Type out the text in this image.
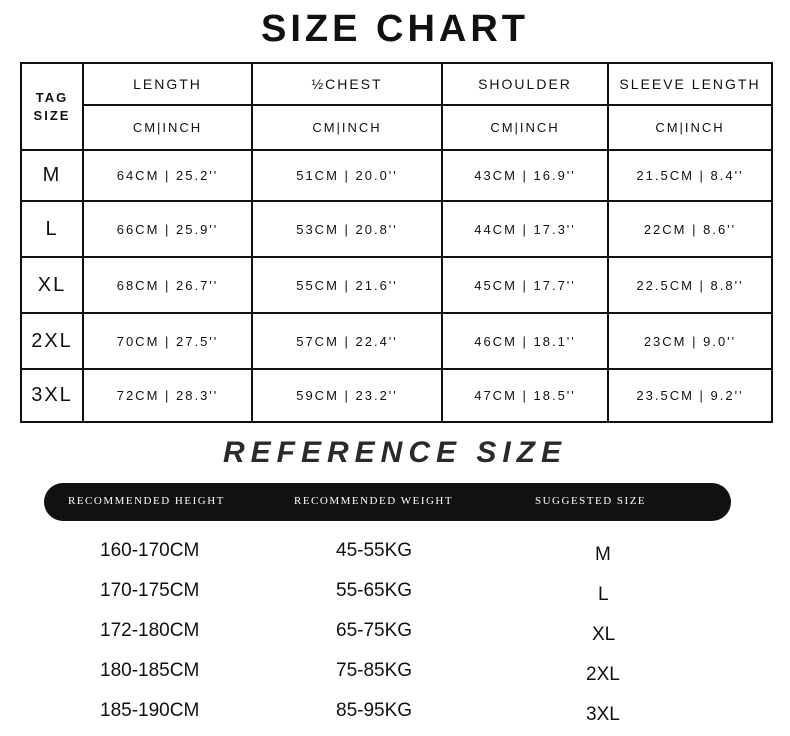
SIZE CHART
TAG SIZE	LENGTH	½CHEST	SHOULDER	SLEEVE LENGTH
	CM|INCH	CM|INCH	CM|INCH	CM|INCH
M	64CM | 25.2''	51CM | 20.0''	43CM | 16.9''	21.5CM | 8.4''
L	66CM | 25.9''	53CM | 20.8''	44CM | 17.3''	22CM | 8.6''
XL	68CM | 26.7''	55CM | 21.6''	45CM | 17.7''	22.5CM | 8.8''
2XL	70CM | 27.5''	57CM | 22.4''	46CM | 18.1''	23CM | 9.0''
3XL	72CM | 28.3''	59CM | 23.2''	47CM | 18.5''	23.5CM | 9.2''
REFERENCE SIZE
RECOMMENDED HEIGHT	RECOMMENDED WEIGHT	SUGGESTED SIZE
160-170CM	45-55KG	M
170-175CM	55-65KG	L
172-180CM	65-75KG	XL
180-185CM	75-85KG	2XL
185-190CM	85-95KG	3XL
